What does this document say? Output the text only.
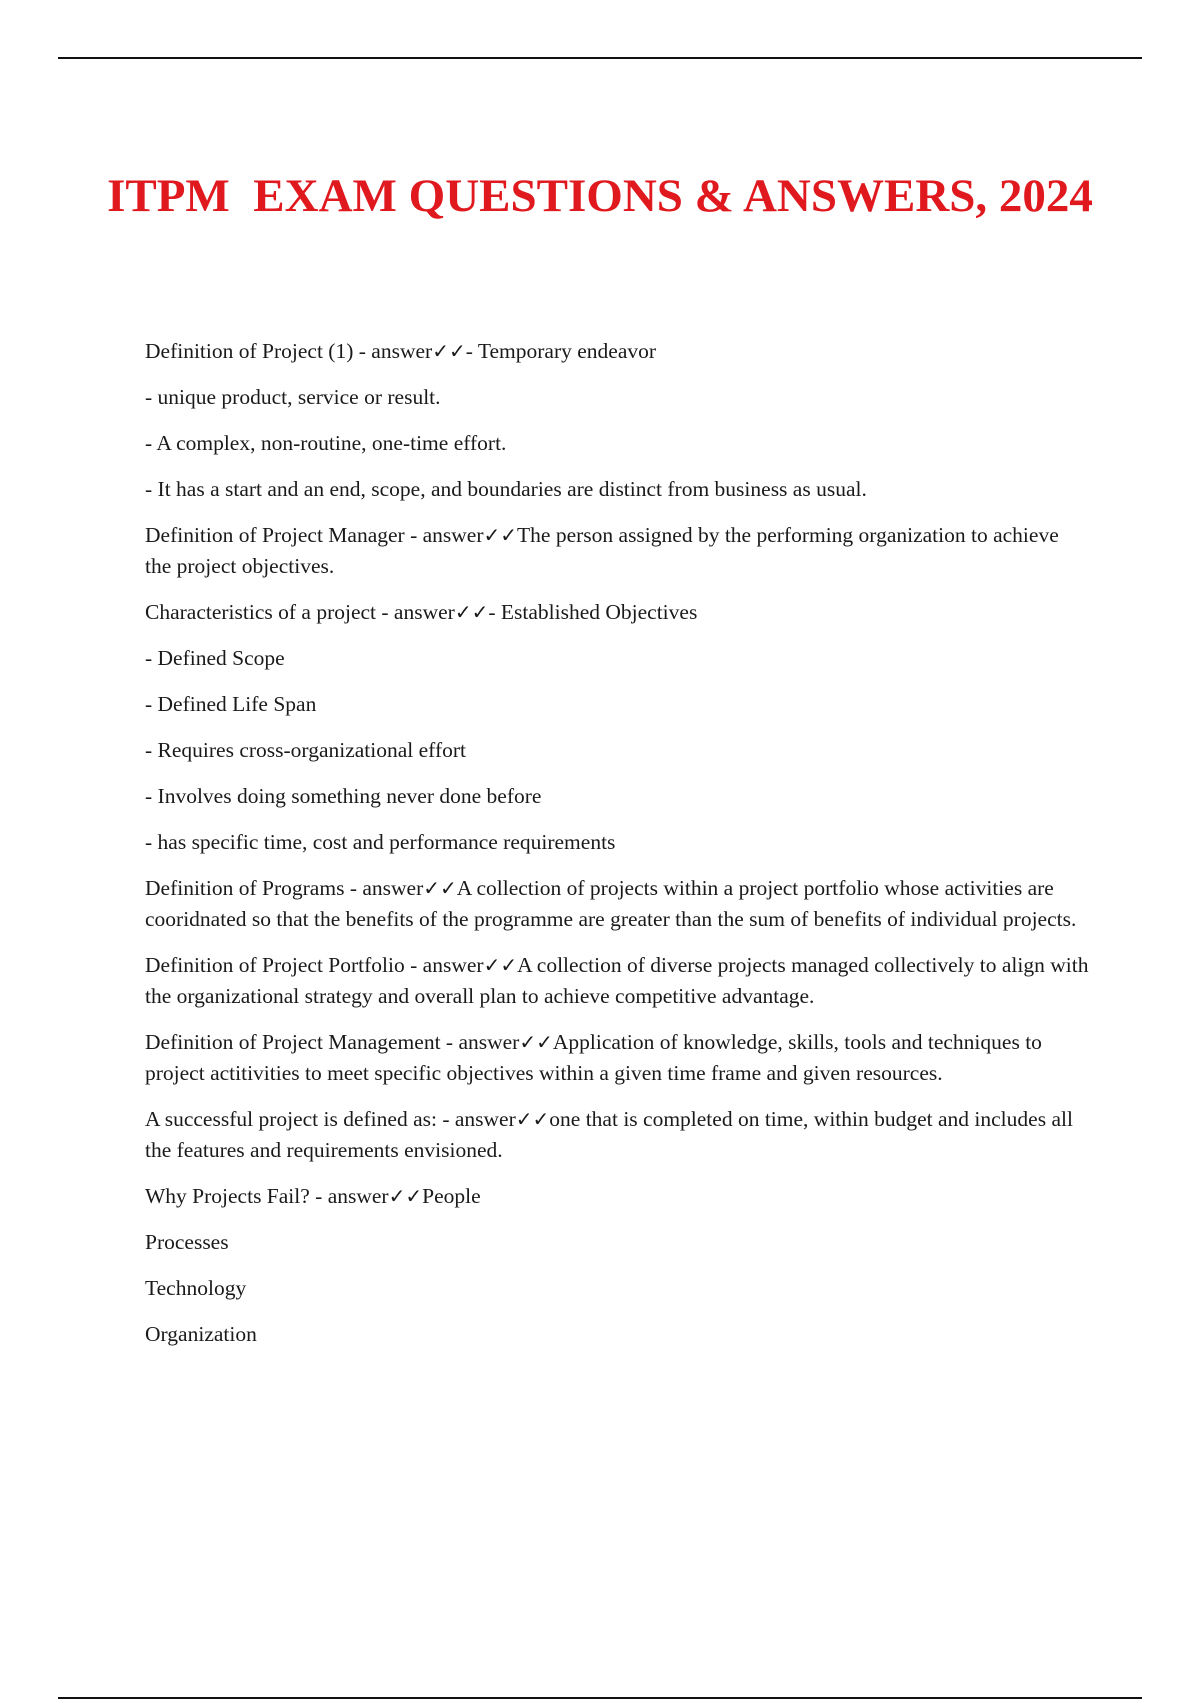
ITPM  EXAM QUESTIONS & ANSWERS, 2024

Definition of Project (1) - answer✓✓- Temporary endeavor

- unique product, service or result.

- A complex, non-routine, one-time effort.

- It has a start and an end, scope, and boundaries are distinct from business as usual.

Definition of Project Manager - answer✓✓The person assigned by the performing organization to achieve the project objectives.

Characteristics of a project - answer✓✓- Established Objectives

- Defined Scope

- Defined Life Span

- Requires cross-organizational effort

- Involves doing something never done before

- has specific time, cost and performance requirements

Definition of Programs - answer✓✓A collection of projects within a project portfolio whose activities are cooridnated so that the benefits of the programme are greater than the sum of benefits of individual projects.

Definition of Project Portfolio - answer✓✓A collection of diverse projects managed collectively to align with the organizational strategy and overall plan to achieve competitive advantage.

Definition of Project Management - answer✓✓Application of knowledge, skills, tools and techniques to project actitivities to meet specific objectives within a given time frame and given resources.

A successful project is defined as: - answer✓✓one that is completed on time, within budget and includes all the features and requirements envisioned.

Why Projects Fail? - answer✓✓People

Processes

Technology

Organization
